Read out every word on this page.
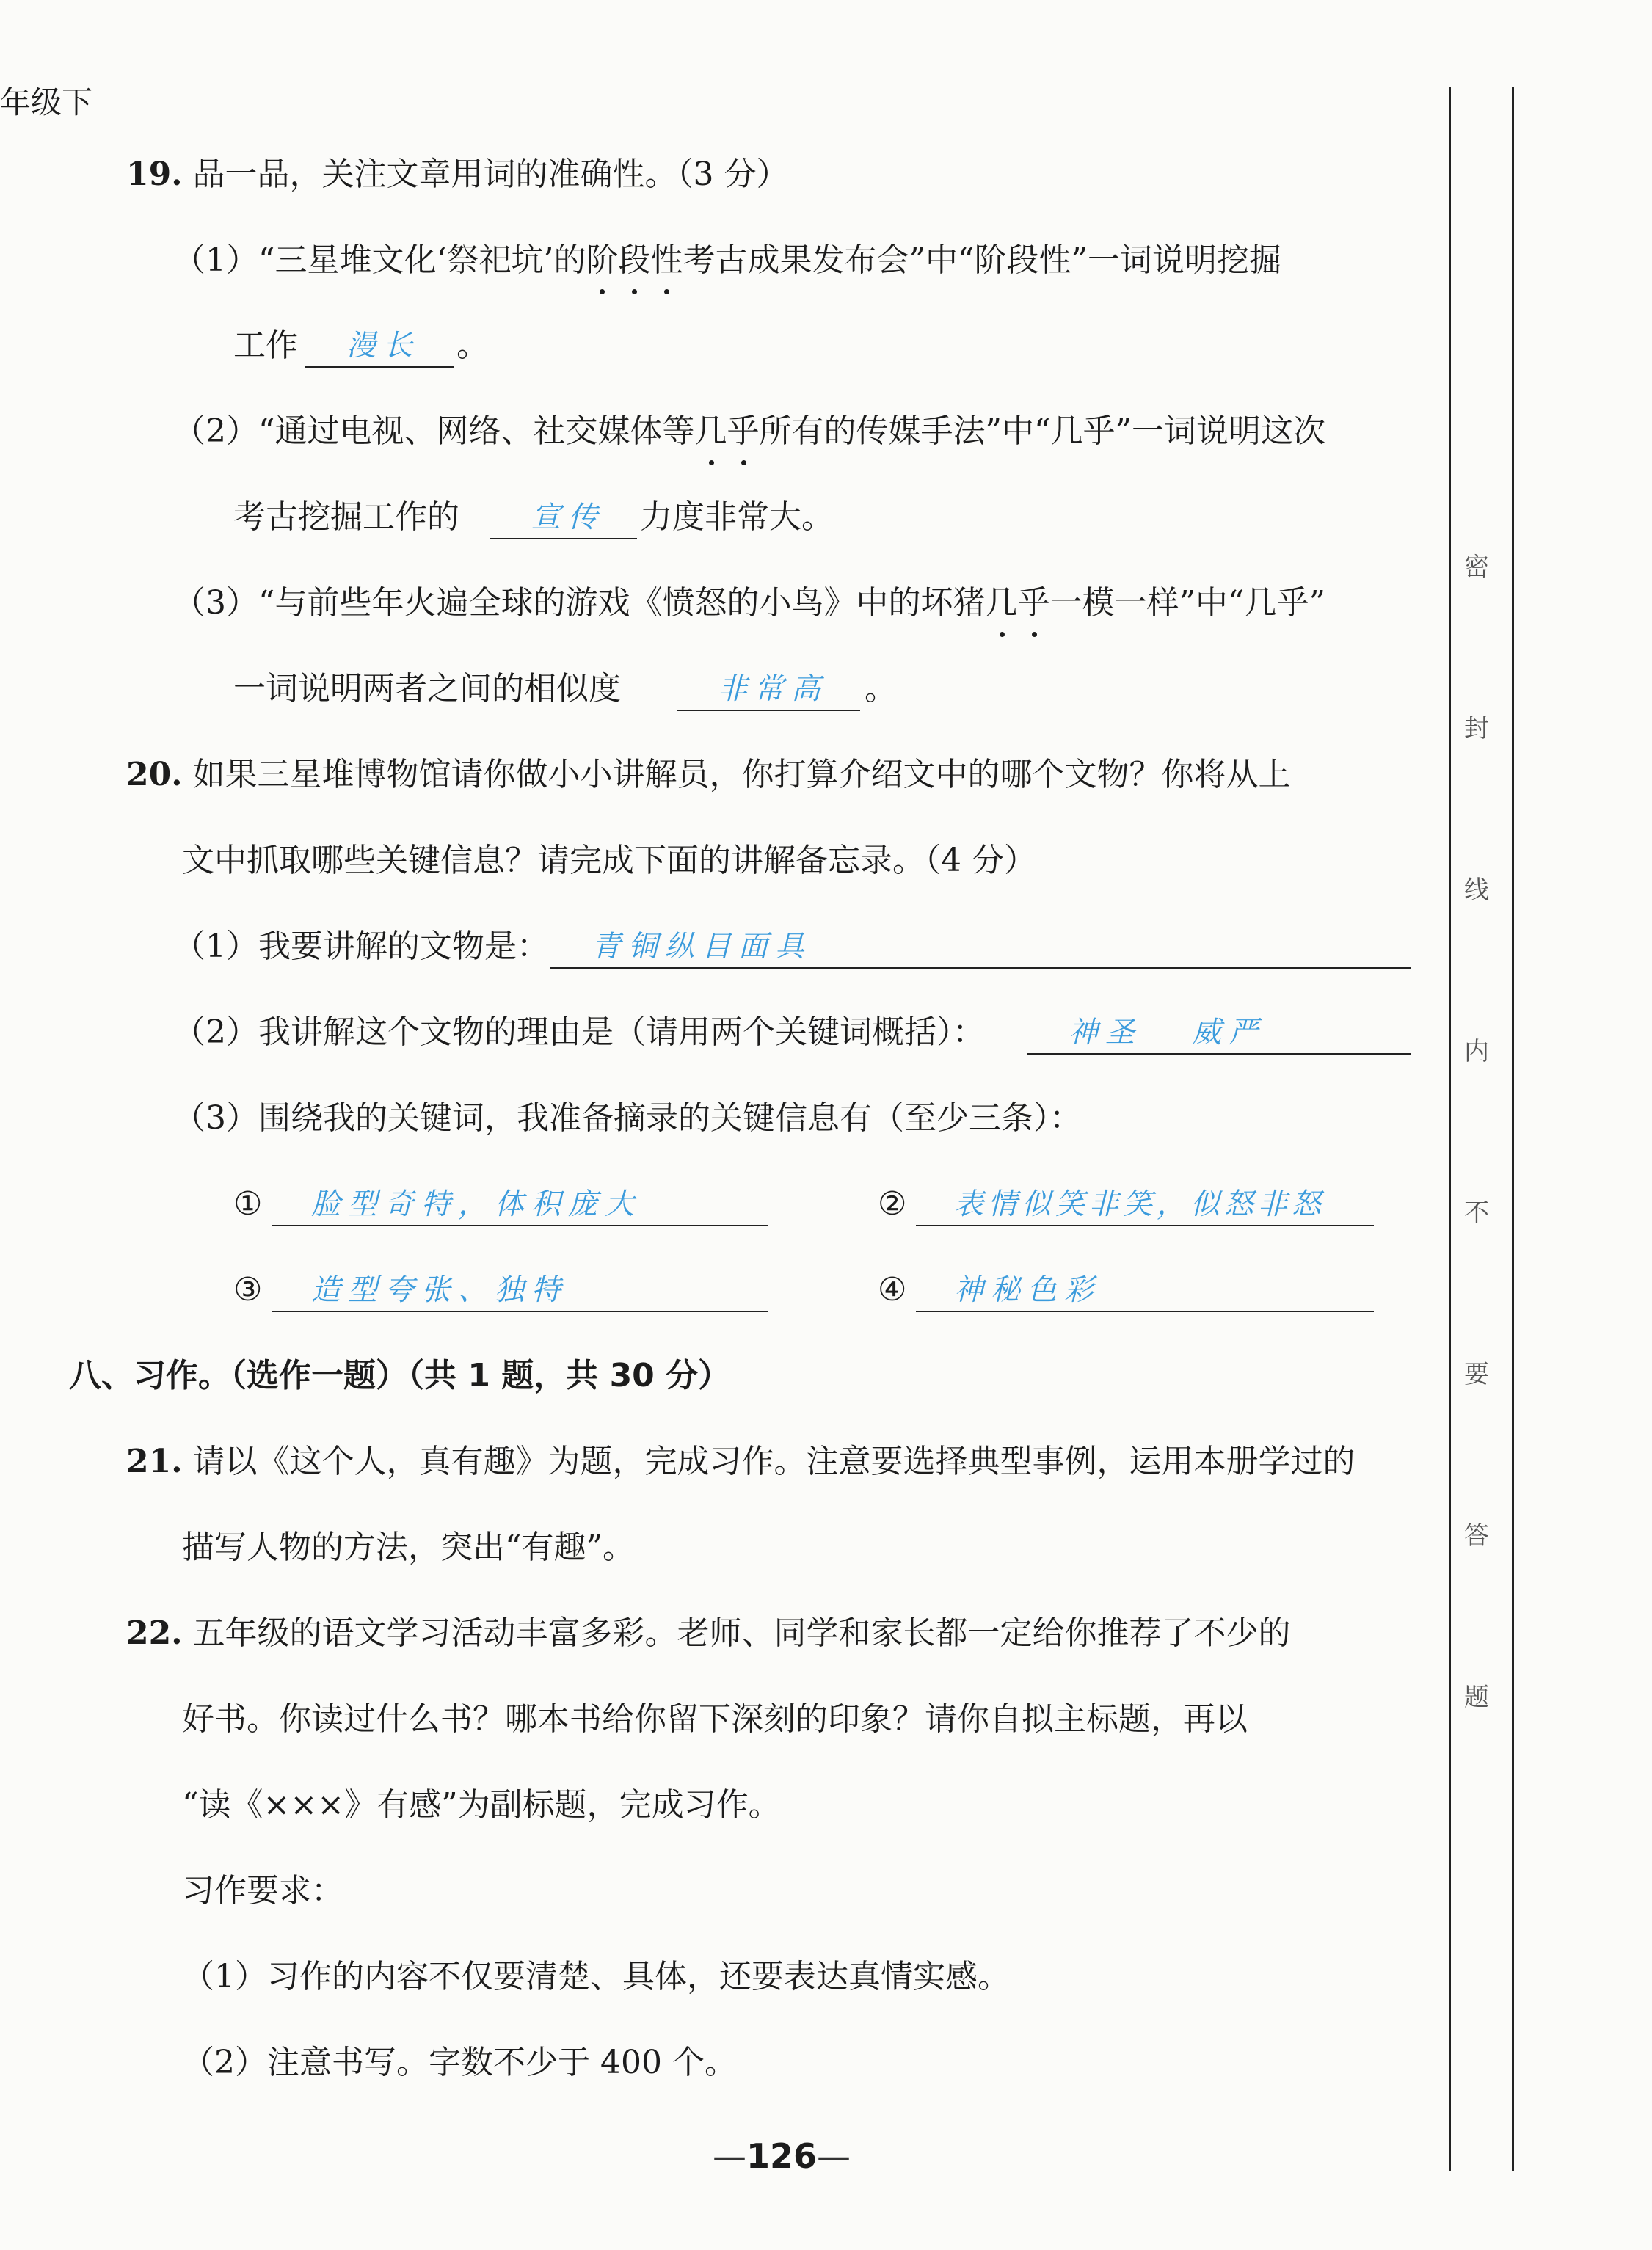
年级下
19. 品一品，关注文章用词的准确性。（3 分）
（1）“三星堆文化‘祭祀坑’的阶段性考古成果发布会”中“阶段性”一词说明挖掘
工作 漫长 。
（2）“通过电视、网络、社交媒体等几乎所有的传媒手法”中“几乎”一词说明这次
考古挖掘工作的 宣传 力度非常大。
（3）“与前些年火遍全球的游戏《愤怒的小鸟》中的坏猪几乎一模一样”中“几乎”
一词说明两者之间的相似度	非常高 。
20. 如果三星堆博物馆请你做小小讲解员，你打算介绍文中的哪个文物？你将从上
文中抓取哪些关键信息？请完成下面的讲解备忘录。（4 分）
（1）我要讲解的文物是： 青铜纵目面具
（2）我讲解这个文物的理由是（请用两个关键词概括）：	神圣   威严
（3）围绕我的关键词，我准备摘录的关键信息有（至少三条）：
① 脸型奇特，体积庞大	② 表情似笑非笑，似怒非怒
③ 造型夸张、独特	④ 神秘色彩
八、习作。（选作一题）（共 1 题，共 30 分）
21. 请以《这个人，真有趣》为题，完成习作。注意要选择典型事例，运用本册学过的
描写人物的方法，突出“有趣”。
22. 五年级的语文学习活动丰富多彩。老师、同学和家长都一定给你推荐了不少的
好书。你读过什么书？哪本书给你留下深刻的印象？请你自拟主标题，再以
“读《×××》有感”为副标题，完成习作。
习作要求：
（1）习作的内容不仅要清楚、具体，还要表达真情实感。
（2）注意书写。字数不少于 400 个。
—126—
密
封
线
内
不
要
答
题
